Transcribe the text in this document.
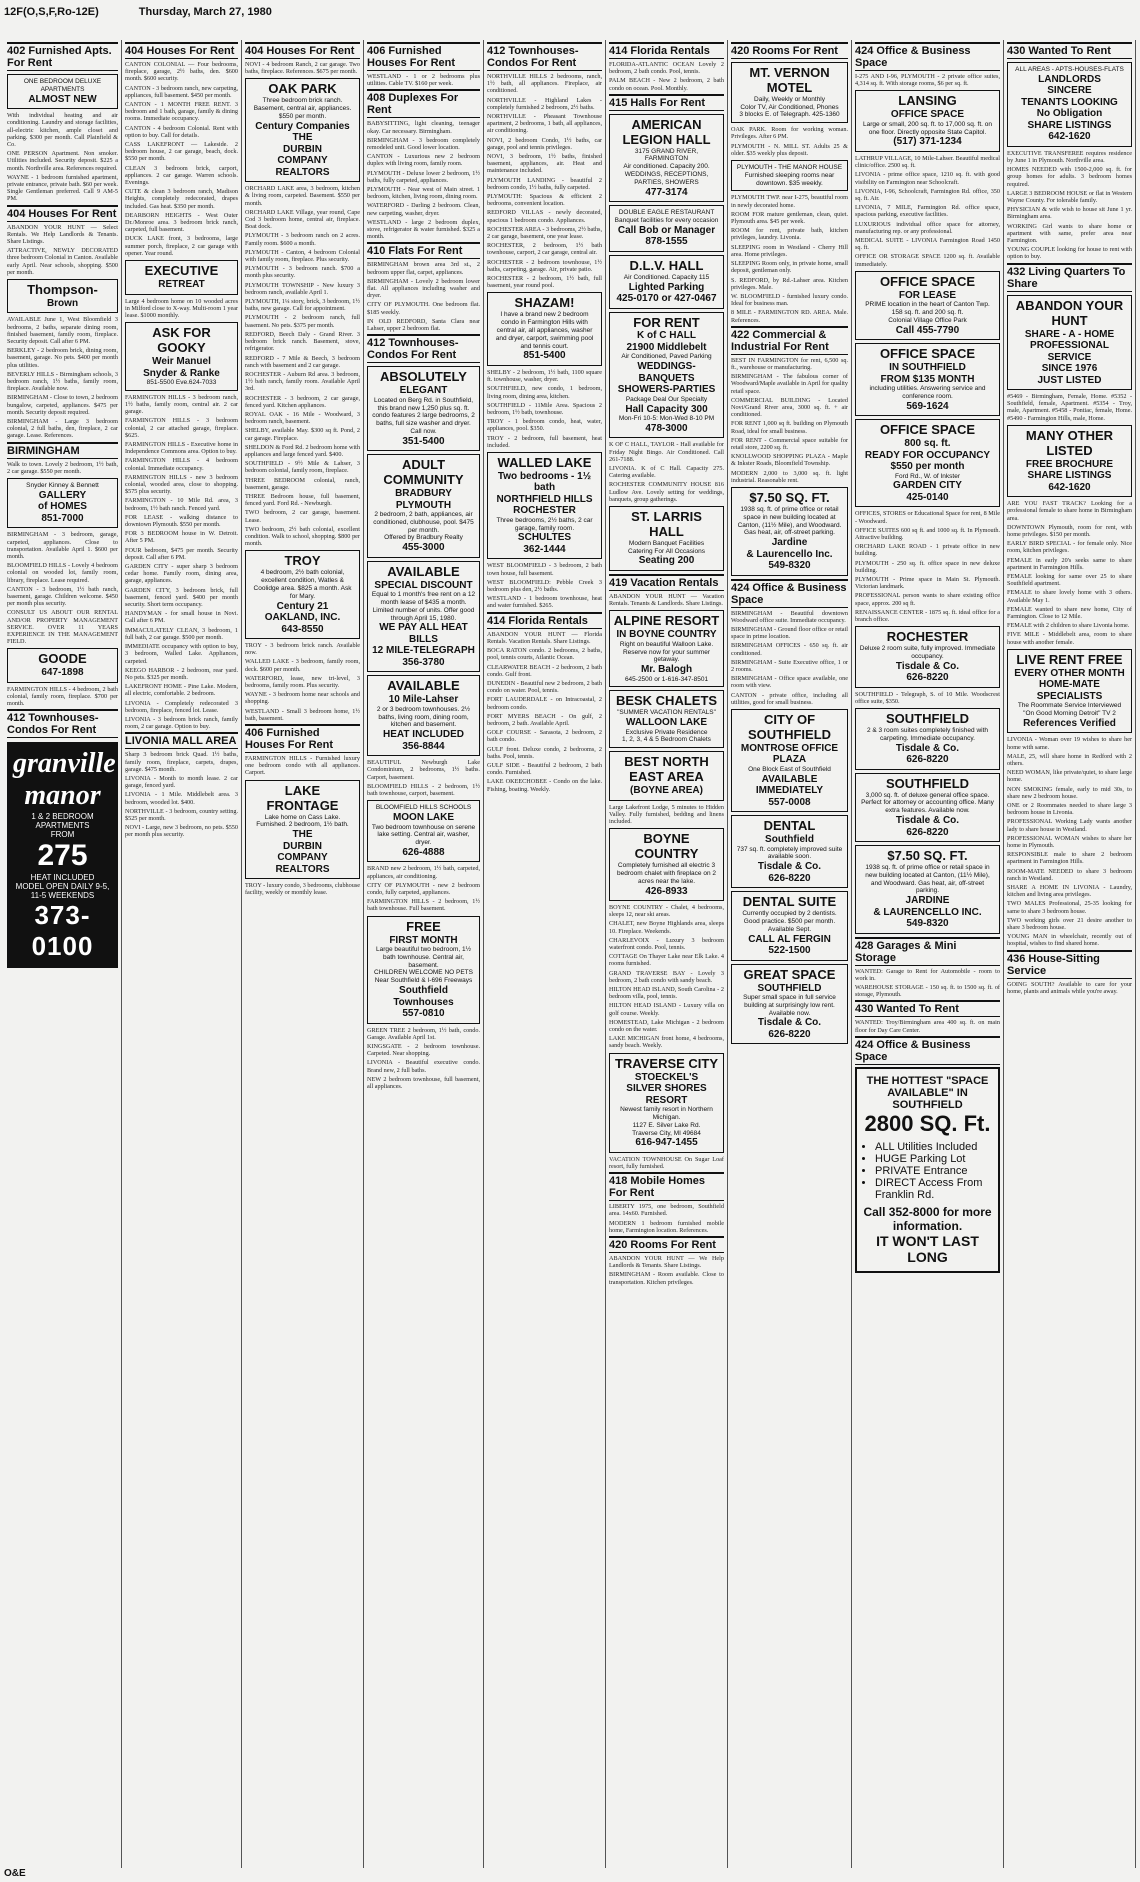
12F(O,S,F,Ro-12E)	Thursday, March 27, 1980
402 Furnished Apts. For Rent
ONE BEDROOM DELUXE APARTMENTS
ALMOST NEW
With individual heating and air conditioning. Laundry and storage facilities, all-electric kitchen, ample closet and parking. $300 per month. Call Plainfield & Co.
ONE PERSON Apartment. Non smoker. Utilities included. Security deposit. $225 a month. Northville area. References required.
WAYNE - 1 bedroom furnished apartment, private entrance, private bath. $60 per week. Single Gentleman preferred. Call 9 AM-5 PM.
404 Houses For Rent
ABANDON YOUR HUNT — Select Rentals. We Help Landlords & Tenants. Share Listings.
ATTRACTIVE, NEWLY DECORATED three bedroom Colonial in Canton. Available early April. Near schools, shopping. $500 per month.
Thompson-
Brown
AVAILABLE June 1, West Bloomfield 3 bedrooms, 2 baths, separate dining room, finished basement, family room, fireplace. Security deposit. Call after 6 PM.
BERKLEY - 2 bedroom brick, dining room, basement, garage. No pets. $400 per month plus utilities.
BEVERLY HILLS - Birmingham schools, 3 bedroom ranch, 1½ baths, family room, fireplace. Available now.
BIRMINGHAM - Close to town, 2 bedroom bungalow, carpeted, appliances. $475 per month. Security deposit required.
BIRMINGHAM - Large 3 bedroom colonial, 2 full baths, den, fireplace, 2 car garage. Lease. References.
BIRMINGHAM
Walk to town. Lovely 2 bedroom, 1½ bath, 2 car garage. $550 per month.
Snyder Kinney & Bennett
GALLERY
of HOMES
851-7000
BIRMINGHAM - 3 bedroom, garage, carpeted, appliances. Close to transportation. Available April 1. $600 per month.
BLOOMFIELD HILLS - Lovely 4 bedroom colonial on wooded lot, family room, library, fireplace. Lease required.
CANTON - 3 bedroom, 1½ bath ranch, basement, garage. Children welcome. $450 per month plus security.
CONSULT US ABOUT OUR RENTAL AND/OR PROPERTY MANAGEMENT SERVICE. OVER 11 YEARS EXPERIENCE IN THE MANAGEMENT FIELD.
GOODE
647-1898
FARMINGTON HILLS - 4 bedroom, 2 bath colonial, family room, fireplace. $700 per month.
412 Townhouses-Condos For Rent
granville manor
1 & 2 BEDROOM APARTMENTS
FROM
275
HEAT INCLUDED
MODEL OPEN DAILY 9-5, 11-5 WEEKENDS
373-0100
404 Houses For Rent
CANTON COLONIAL — Four bedrooms, fireplace, garage, 2½ baths, den. $600 month. $600 security.
CANTON - 3 bedroom ranch, new carpeting, appliances, full basement. $450 per month.
CANTON - 1 MONTH FREE RENT. 3 bedroom and 1 bath, garage, family & dining rooms. Immediate occupancy.
CANTON - 4 bedroom Colonial. Rent with option to buy. Call for details.
CASS LAKEFRONT — Lakeside. 2 bedroom house, 2 car garage, beach, dock. $550 per month.
CLEAN 3 bedroom brick, carport, appliances. 2 car garage. Warren schools. Evenings.
CUTE & clean 3 bedroom ranch, Madison Heights, completely redecorated, drapes included. Gas heat. $350 per month.
DEARBORN HEIGHTS - West Outer Dr./Monroe area. 3 bedroom brick ranch, carpeted, full basement.
DUCK LAKE front, 3 bedrooms, large summer porch, fireplace, 2 car garage with opener. Year round.
EXECUTIVE
RETREAT
Large 4 bedroom home on 10 wooded acres in Milford close to X-way. Multi-room 1 year lease. $1000 monthly.
ASK FOR GOOKY
Weir Manuel
Snyder & Ranke
851-5500 Eve.624-7033
FARMINGTON HILLS - 3 bedroom ranch, 1½ baths, family room, central air. 2 car garage.
FARMINGTON HILLS - 3 bedroom colonial, 2 car attached garage, fireplace. $625.
FARMINGTON HILLS - Executive home in Independence Commons area. Option to buy.
FARMINGTON HILLS - 4 bedroom colonial. Immediate occupancy.
FARMINGTON HILLS - new 3 bedroom colonial, wooded area, close to shopping. $575 plus security.
FARMINGTON - 10 Mile Rd. area, 3 bedroom, 1½ bath ranch. Fenced yard.
FOR LEASE - walking distance to downtown Plymouth. $550 per month.
FOR 3 BEDROOM house in W. Detroit. After 5 PM.
FOUR bedroom, $475 per month. Security deposit. Call after 6 PM.
GARDEN CITY - super sharp 3 bedroom cedar home. Family room, dining area, garage, appliances.
GARDEN CITY, 3 bedroom brick, full basement, fenced yard. $400 per month security. Short term occupancy.
HANDYMAN - for small house in Novi. Call after 6 PM.
IMMACULATELY CLEAN, 3 bedroom, 1 full bath, 2 car garage. $500 per month.
IMMEDIATE occupancy with option to buy, 3 bedroom, Walled Lake. Appliances, carpeted.
KEEGO HARBOR - 2 bedroom, rear yard. No pets. $325 per month.
LAKEFRONT HOME - Pine Lake. Modern, all electric, comfortable. 2 bedroom.
LIVONIA - Completely redecorated 3 bedroom, fireplace, fenced lot. Lease.
LIVONIA - 3 bedroom brick ranch, family room, 2 car garage. Option to buy.
LIVONIA MALL AREA
Sharp 3 bedroom brick Quad. 1½ baths, family room, fireplace, carpets, drapes, garage. $475 month.
LIVONIA - Month to month lease. 2 car garage, fenced yard.
LIVONIA - 1 Mile. Middlebelt area. 3 bedroom, wooded lot. $400.
NORTHVILLE - 3 bedroom, country setting. $525 per month.
NOVI - Large, new 3 bedroom, no pets. $550 per month plus security.
404 Houses For Rent
NOVI - 4 bedroom Ranch, 2 car garage. Two baths, fireplace. References. $675 per month.
OAK PARK
Three bedroom brick ranch. Basement, central air, appliances. $550 per month.
Century Companies
THE
DURBIN
COMPANY REALTORS
ORCHARD LAKE area, 3 bedroom, kitchen & living room, carpeted. Basement. $550 per month.
ORCHARD LAKE Village, year round, Cape Cod 3 bedroom home, central air, fireplace. Boat dock.
PLYMOUTH - 3 bedroom ranch on 2 acres. Family room. $600 a month.
PLYMOUTH - Canton, 4 bedroom Colonial with family room, fireplace. Plus security.
PLYMOUTH - 3 bedroom ranch. $700 a month plus security.
PLYMOUTH TOWNSHIP - New luxury 3 bedroom ranch, available April 1.
PLYMOUTH, 1¼ story, brick, 3 bedroom, 1½ baths, new garage. Call for appointment.
PLYMOUTH - 2 bedroom ranch, full basement. No pets. $375 per month.
REDFORD, Beech Daly - Grand River. 3 bedroom brick ranch. Basement, stove, refrigerator.
REDFORD - 7 Mile & Beech, 3 bedroom ranch with basement and 2 car garage.
ROCHESTER - Auburn Rd area. 3 bedroom, 1½ bath ranch, family room. Available April 3rd.
ROCHESTER - 3 bedroom, 2 car garage, fenced yard. Kitchen appliances.
ROYAL OAK - 16 Mile - Woodward, 3 bedroom ranch, basement.
SHELBY, available May. $300 sq ft. Pond, 2 car garage. Fireplace.
SHELDON & Ford Rd. 2 bedroom home with appliances and large fenced yard. $400.
SOUTHFIELD - 9½ Mile & Lahser, 3 bedroom colonial, family room, fireplace.
THREE BEDROOM colonial, ranch, basement, garage.
THREE Bedroom house, full basement, fenced yard. Ford Rd. - Newburgh.
TWO bedroom, 2 car garage, basement. Lease.
TWO bedroom, 2½ bath colonial, excellent condition. Walk to school, shopping. $800 per month.
TROY
4 bedroom, 2½ bath colonial, excellent condition, Watles & Coolidge area. $825 a month. Ask for Mary.
Century 21
OAKLAND, INC.
643-8550
TROY - 3 bedroom brick ranch. Available now.
WALLED LAKE - 3 bedroom, family room, deck. $600 per month.
WATERFORD, lease, new tri-level, 3 bedrooms, family room. Plus security.
WAYNE - 3 bedroom home near schools and shopping.
WESTLAND - Small 3 bedroom home, 1½ bath, basement.
406 Furnished Houses For Rent
FARMINGTON HILLS - Furnished luxury one bedroom condo with all appliances. Carport.
LAKE FRONTAGE
Lake home on Cass Lake. Furnished. 2 bedroom, 1½ bath.
THE
DURBIN
COMPANY REALTORS
TROY - luxury condo, 3 bedrooms, clubhouse facility, weekly or monthly lease.
406 Furnished Houses For Rent
WESTLAND - 1 or 2 bedrooms plus utilities. Cable TV. $160 per week.
408 Duplexes For Rent
BABYSITTING, light cleaning, teenager okay. Car necessary. Birmingham.
BIRMINGHAM - 3 bedroom completely remodeled unit. Good lower location.
CANTON - Luxurious new 2 bedroom duplex with living room, family room.
PLYMOUTH - Deluxe lower 2 bedroom, 1½ baths, fully carpeted, appliances.
PLYMOUTH - Near west of Main street. 1 bedroom, kitchen, living room, dining room.
WATERFORD - Darling 2 bedroom. Clean, new carpeting, washer, dryer.
WESTLAND - large 2 bedroom duplex, stove, refrigerator & water furnished. $325 a month.
410 Flats For Rent
BIRMINGHAM brown area 3rd st., 2 bedroom upper flat, carpet, appliances.
BIRMINGHAM - Lovely 2 bedroom lower flat. All appliances including washer and dryer.
CITY OF PLYMOUTH. One bedroom flat. $185 weekly.
IN OLD REDFORD, Santa Clara near Lahser, upper 2 bedroom flat.
412 Townhouses-Condos For Rent
ABSOLUTELY
ELEGANT
Located on Berg Rd. in Southfield, this brand new 1,250 plus sq. ft. condo features 2 large bedrooms, 2 baths, full size washer and dryer. Call now.
351-5400
ADULT COMMUNITY
BRADBURY PLYMOUTH
2 bedroom, 2 bath, appliances, air conditioned, clubhouse, pool. $475 per month.
Offered by Bradbury Realty
455-3000
AVAILABLE
SPECIAL DISCOUNT
Equal to 1 month's free rent on a 12 month lease of $435 a month.
Limited number of units. Offer good through April 15, 1980.
WE PAY ALL HEAT BILLS
12 MILE-TELEGRAPH
356-3780
AVAILABLE
10 Mile-Lahser
2 or 3 bedroom townhouses. 2½ baths, living room, dining room, kitchen and basement.
HEAT INCLUDED
356-8844
BEAUTIFUL Newburgh Lake Condominium, 2 bedrooms, 1½ baths. Carport, basement.
BLOOMFIELD HILLS - 2 bedroom, 1½ bath townhouse, carport, basement.
BLOOMFIELD HILLS SCHOOLS
MOON LAKE
Two bedroom townhouse on serene lake setting. Central air, washer, dryer.
626-4888
BRAND new 2 bedroom, 1½ bath, carpeted, appliances, air conditioning.
CITY OF PLYMOUTH - new 2 bedroom condo, fully carpeted, appliances.
FARMINGTON HILLS - 2 bedroom, 1½ bath townhouse. Full basement.
FREE
FIRST MONTH
Large beautiful two bedroom, 1½ bath townhouse. Central air, basement.
CHILDREN WELCOME NO PETS
Near Southfield & I-696 Freeways
Southfield Townhouses
557-0810
GREEN TREE 2 bedroom, 1½ bath, condo. Garage. Available April 1st.
KINGSGATE - 2 bedroom townhouse. Carpeted. Near shopping.
LIVONIA - Beautiful executive condo. Brand new, 2 full baths.
NEW 2 bedroom townhouse, full basement, all appliances.
412 Townhouses-Condos For Rent
NORTHVILLE HILLS 2 bedrooms, ranch, 1½ bath, all appliances. Fireplace, air conditioned.
NORTHVILLE - Highland Lakes - completely furnished 2 bedroom, 2½ baths.
NORTHVILLE - Pheasant Townhouse apartment, 2 bedrooms, 1 bath, all appliances, air conditioning.
NOVI, 2 bedroom Condo, 1½ baths, car garage, pool and tennis privileges.
NOVI, 3 bedroom, 1½ baths, finished basement, appliances, air. Heat and maintenance included.
PLYMOUTH LANDING - beautiful 2 bedroom condo, 1½ baths, fully carpeted.
PLYMOUTH: Spacious & efficient 2 bedrooms, convenient location.
REDFORD VILLAS - newly decorated, spacious 1 bedroom condo. Appliances.
ROCHESTER AREA - 3 bedrooms, 2½ baths, 2 car garage, basement, one year lease.
ROCHESTER, 2 bedroom, 1½ bath townhouse, carport, 2 car garage, central air.
ROCHESTER - 2 bedroom townhouse, 1½ baths, carpeting, garage. Air, private patio.
ROCHESTER - 2 bedroom, 1½ bath, full basement, year round pool.
SHAZAM!
I have a brand new 2 bedroom condo in Farmington Hills with central air, all appliances, washer and dryer, carport, swimming pool and tennis court.
851-5400
SHELBY - 2 bedroom, 1½ bath, 1100 square ft. townhouse, washer, dryer.
SOUTHFIELD, new condo, 1 bedroom, living room, dining area, kitchen.
SOUTHFIELD - 11Mile Area. Spacious 2 bedroom, 1½ bath, townhouse.
TROY - 1 bedroom condo, heat, water, appliances, pool. $350.
TROY - 2 bedroom, full basement, heat included.
WALLED LAKE
Two bedrooms - 1½ bath
NORTHFIELD HILLS
ROCHESTER
Three bedrooms, 2½ baths, 2 car garage, family room.
SCHULTES
362-1444
WEST BLOOMFIELD - 3 bedroom, 2 bath town house, full basement.
WEST BLOOMFIELD: Pebble Creek 3 bedroom plus den, 2½ baths.
WESTLAND - 1 bedroom townhouse, heat and water furnished. $265.
414 Florida Rentals
ABANDON YOUR HUNT — Florida Rentals. Vacation Rentals. Share Listings.
BOCA RATON condo. 2 bedrooms, 2 baths, pool, tennis courts, Atlantic Ocean.
CLEARWATER BEACH - 2 bedroom, 2 bath condo. Gulf front.
DUNEDIN - Beautiful new 2 bedroom, 2 bath condo on water. Pool, tennis.
FORT LAUDERDALE - on Intracoastal, 2 bedroom condo.
FORT MYERS BEACH - On gulf, 2 bedroom, 2 bath. Available April.
GOLF COURSE - Sarasota, 2 bedroom, 2 bath condo.
GULF front. Deluxe condo, 2 bedrooms, 2 baths. Pool, tennis.
GULF SIDE - Beautiful 2 bedroom, 2 bath condo. Furnished.
LAKE OKEECHOBEE - Condo on the lake. Fishing, boating. Weekly.
414 Florida Rentals
FLORIDA-ATLANTIC OCEAN Lovely 2 bedroom, 2 bath condo. Pool, tennis.
PALM BEACH - New 2 bedroom, 2 bath condo on ocean. Pool. Monthly.
415 Halls For Rent
AMERICAN LEGION HALL
3175 GRAND RIVER, FARMINGTON
Air conditioned. Capacity 200. WEDDINGS, RECEPTIONS, PARTIES, SHOWERS
477-3174
DOUBLE EAGLE RESTAURANT
Banquet facilities for every occasion
Call Bob or Manager
878-1555
D.L.V. HALL
Air Conditioned. Capacity 115
Lighted Parking
425-0170 or 427-0467
FOR RENT
K of C HALL
21900 Middlebelt
Air Conditioned, Paved Parking
WEDDINGS-BANQUETS
SHOWERS-PARTIES
Package Deal Our Specialty
Hall Capacity 300
Mon-Fri 10-5: Mon-Wed 8-10 PM
478-3000
K OF C HALL, TAYLOR - Hall available for Friday Night Bingo. Air Conditioned. Call 261-7188.
LIVONIA. K of C Hall. Capacity 275. Catering available.
ROCHESTER COMMUNITY HOUSE 816 Ludlow Ave. Lovely setting for weddings, banquets, group gatherings.
ST. LARRIS HALL
Modern Banquet Facilities
Catering For All Occasions
Seating 200
419 Vacation Rentals
ABANDON YOUR HUNT — Vacation Rentals. Tenants & Landlords. Share Listings.
ALPINE RESORT
IN BOYNE COUNTRY
Right on beautiful Walloon Lake. Reserve now for your summer getaway.
Mr. Balogh
645-2500 or 1-616-347-8501
BESK CHALETS
"SUMMER VACATION RENTALS"
WALLOON LAKE
Exclusive Private Residence
1, 2, 3, 4 & 5 Bedroom Chalets
BEST NORTH EAST AREA
(BOYNE AREA)
Large Lakefront Lodge, 5 minutes to Hidden Valley. Fully furnished, bedding and linens included.
BOYNE COUNTRY
Completely furnished all electric 3 bedroom chalet with fireplace on 2 acres near the lake.
426-8933
BOYNE COUNTRY - Chalet, 4 bedrooms, sleeps 12, near ski areas.
CHALET, new Boyne Highlands area, sleeps 10. Fireplace. Weekends.
CHARLEVOIX - Luxury 3 bedroom waterfront condo. Pool, tennis.
COTTAGE On Thayer Lake near Elk Lake. 4 rooms furnished.
GRAND TRAVERSE BAY - Lovely 3 bedroom, 2 bath condo with sandy beach.
HILTON HEAD ISLAND, South Carolina - 2 bedroom villa, pool, tennis.
HILTON HEAD ISLAND - Luxury villa on golf course. Weekly.
HOMESTEAD, Lake Michigan - 2 bedroom condo on the water.
LAKE MICHIGAN front home, 4 bedrooms, sandy beach. Weekly.
TRAVERSE CITY
STOECKEL'S
SILVER SHORES RESORT
Newest family resort in Northern Michigan.
1127 E. Silver Lake Rd.
Traverse City, MI 49684
616-947-1455
VACATION TOWNHOUSE On Sugar Loaf resort, fully furnished.
418 Mobile Homes For Rent
LIBERTY 1975, one bedroom, Southfield area. 14x60. Furnished.
MODERN 1 bedroom furnished mobile home, Farmington location. References.
420 Rooms For Rent
ABANDON YOUR HUNT — We Help Landlords & Tenants. Share Listings.
BIRMINGHAM - Room available. Close to transportation. Kitchen privileges.
420 Rooms For Rent
MT. VERNON MOTEL
Daily, Weekly or Monthly
Color TV, Air Conditioned, Phones
3 blocks E. of Telegraph. 425-1360
OAK PARK. Room for working woman. Privileges. After 6 PM.
PLYMOUTH - N. MILL ST. Adults 25 & older. $35 weekly plus deposit.
PLYMOUTH - THE MANOR HOUSE
Furnished sleeping rooms near downtown. $35 weekly.
PLYMOUTH TWP. near I-275, beautiful room in newly decorated home.
ROOM FOR mature gentleman, clean, quiet. Plymouth area. $45 per week.
ROOM for rent, private bath, kitchen privileges, laundry. Livonia.
SLEEPING room in Westland - Cherry Hill area. Home privileges.
SLEEPING Room only, in private home, small deposit, gentleman only.
S. REDFORD, by Rd.-Lahser area. Kitchen privileges. Male.
W. BLOOMFIELD - furnished luxury condo. Ideal for business man.
8 MILE - FARMINGTON RD. AREA. Male. References.
422 Commercial & Industrial For Rent
BEST IN FARMINGTON for rent, 6,500 sq. ft., warehouse or manufacturing.
BIRMINGHAM - The fabulous corner of Woodward/Maple available in April for quality retail space.
COMMERCIAL BUILDING - Located Novi/Grand River area, 3000 sq. ft. + air conditioned.
FOR RENT 1,000 sq ft. building on Plymouth Road, ideal for small business.
FOR RENT - Commercial space suitable for retail store, 2200 sq. ft.
KNOLLWOOD SHOPPING PLAZA - Maple & Inkster Roads, Bloomfield Township.
MODERN 2,000 to 3,000 sq. ft. light industrial. Reasonable rent.
$7.50 SQ. FT.
1938 sq. ft. of prime office or retail space in new building located at Canton, (11½ Mile), and Woodward. Gas heat, air, off-street parking.
Jardine
& Laurencello Inc.
549-8320
424 Office & Business Space
BIRMINGHAM - Beautiful downtown Woodward office suite. Immediate occupancy.
BIRMINGHAM - Ground floor office or retail space in prime location.
BIRMINGHAM OFFICES - 650 sq. ft. air conditioned.
BIRMINGHAM - Suite Executive office, 1 or 2 rooms.
BIRMINGHAM - Office space available, one room with view.
CANTON - private office, including all utilities, good for small business.
CITY OF SOUTHFIELD
MONTROSE OFFICE PLAZA
One Block East of Southfield
AVAILABLE IMMEDIATELY
557-0008
DENTAL
Southfield
737 sq. ft. completely improved suite available soon.
Tisdale & Co.
626-8220
DENTAL SUITE
Currently occupied by 2 dentists. Good practice. $500 per month. Available Sept.
CALL AL FERGIN
522-1500
GREAT SPACE
SOUTHFIELD
Super small space in full service building at surprisingly low rent. Available now.
Tisdale & Co.
626-8220
424 Office & Business Space
I-275 AND I-96, PLYMOUTH - 2 private office suites, 4,314 sq. ft. With storage rooms, $6 per sq. ft.
LANSING
OFFICE SPACE
Large or small, 200 sq. ft. to 17,000 sq. ft. on one floor. Directly opposite State Capitol.
(517) 371-1234
LATHRUP VILLAGE, 10 Mile-Lahser. Beautiful medical clinic/office. 2500 sq. ft.
LIVONIA - prime office space, 1210 sq. ft. with good visibility on Farmington near Schoolcraft.
LIVONIA, I-96, Schoolcraft, Farmington Rd. office, 350 sq. ft. Air.
LIVONIA, 7 MILE, Farmington Rd. office space, spacious parking, executive facilities.
LUXURIOUS individual office space for attorney, manufacturing rep. or any professional.
MEDICAL SUITE - LIVONIA Farmington Road 1450 sq. ft.
OFFICE OR STORAGE SPACE 1200 sq. ft. Available immediately.
OFFICE SPACE
FOR LEASE
PRIME location in the heart of Canton Twp. 158 sq. ft. and 200 sq. ft.
Colonial Village Office Park
Call 455-7790
OFFICE SPACE
IN SOUTHFIELD
FROM $135 MONTH
including utilities. Answering service and conference room.
569-1624
OFFICE SPACE
800 sq. ft.
READY FOR OCCUPANCY
$550 per month
Ford Rd., W. of Inkster
GARDEN CITY
425-0140
OFFICES, STORES or Educational Space for rent, 8 Mile - Woodward.
OFFICE SUITES 600 sq ft. and 1000 sq. ft. In Plymouth. Attractive building.
ORCHARD LAKE ROAD - 1 private office in new building.
PLYMOUTH - 250 sq. ft. office space in new deluxe building.
PLYMOUTH - Prime space in Main St. Plymouth. Victorian landmark.
PROFESSIONAL person wants to share existing office space, approx. 200 sq ft.
RENAISSANCE CENTER - 1875 sq. ft. ideal office for a branch office.
ROCHESTER
Deluxe 2 room suite, fully improved. Immediate occupancy.
Tisdale & Co.
626-8220
SOUTHFIELD - Telegraph, S. of 10 Mile. Woodscrest office suite, $350.
SOUTHFIELD
2 & 3 room suites completely finished with carpeting. Immediate occupancy.
Tisdale & Co.
626-8220
SOUTHFIELD
3,000 sq. ft. of deluxe general office space. Perfect for attorney or accounting office. Many extra features. Available now.
Tisdale & Co.
626-8220
$7.50 SQ. FT.
1938 sq. ft. of prime office or retail space in new building located at Canton, (11½ Mile), and Woodward. Gas heat, air, off-street parking.
JARDINE
& LAURENCELLO INC.
549-8320
428 Garages & Mini Storage
WANTED: Garage to Rent for Automobile - room to work in.
WAREHOUSE STORAGE - 150 sq. ft. to 1500 sq. ft. of storage, Plymouth.
430 Wanted To Rent
WANTED: Troy/Birmingham area 400 sq. ft. on main floor for Day Care Center.
424 Office & Business Space
THE HOTTEST "SPACE AVAILABLE" IN SOUTHFIELD
2800 SQ. Ft.
• ALL Utilities Included
• HUGE Parking Lot
• PRIVATE Entrance
• DIRECT Access From Franklin Rd.
Call 352-8000 for more information.
IT WON'T LAST LONG
430 Wanted To Rent
ALL AREAS - APTS-HOUSES-FLATS
LANDLORDS
SINCERE
TENANTS LOOKING
No Obligation
SHARE LISTINGS
642-1620
EXECUTIVE TRANSFEREE requires residence by June 1 in Plymouth. Northville area.
HOMES NEEDED with 1500-2,000 sq. ft. for group homes for adults. 3 bedroom homes required.
LARGE 3 BEDROOM HOUSE or flat in Western Wayne County. For tolerable family.
PHYSICIAN & wife wish to house sit June 1 yr. Birmingham area.
WORKING Girl wants to share home or apartment with same, prefer area near Farmington.
YOUNG COUPLE looking for house to rent with option to buy.
432 Living Quarters To Share
ABANDON YOUR HUNT
SHARE - A - HOME
PROFESSIONAL SERVICE
SINCE 1976
JUST LISTED
#5469 - Birmingham, Female, Home. #5352 - Southfield, female, Apartment. #5354 - Troy, male, Apartment. #5458 - Pontiac, female, Home. #5490 - Farmington Hills, male, Home.
MANY OTHER LISTED
FREE BROCHURE
SHARE LISTINGS
642-1620
ARE YOU FAST TRACK? Looking for a professional female to share home in Birmingham area.
DOWNTOWN Plymouth, room for rent, with home privileges. $150 per month.
EARLY BIRD SPECIAL - for female only. Nice room, kitchen privileges.
FEMALE in early 20's seeks same to share apartment in Farmington Hills.
FEMALE looking for same over 25 to share Southfield apartment.
FEMALE to share lovely home with 3 others. Available May 1.
FEMALE wanted to share new home, City of Farmington. Close to 12 Mile.
FEMALE with 2 children to share Livonia home.
FIVE MILE - Middlebelt area, room to share house with another female.
LIVE RENT FREE
EVERY OTHER MONTH
HOME-MATE
SPECIALISTS
The Roommate Service Interviewed
"On Good Morning Detroit" TV 2
References Verified
LIVONIA - Woman over 19 wishes to share her home with same.
MALE, 25, will share home in Redford with 2 others.
NEED WOMAN, like private/quiet, to share large home.
NON SMOKING female, early to mid 30s, to share new 2 bedroom house.
ONE or 2 Roommates needed to share large 3 bedroom house in Livonia.
PROFESSIONAL Working Lady wants another lady to share house in Westland.
PROFESSIONAL WOMAN wishes to share her home in Plymouth.
RESPONSIBLE male to share 2 bedroom apartment in Farmington Hills.
ROOM-MATE NEEDED to share 3 bedroom ranch in Westland.
SHARE A HOME IN LIVONIA - Laundry, kitchen and living area privileges.
TWO MALES Professional, 25-35 looking for same to share 3 bedroom house.
TWO working girls over 21 desire another to share 3 bedroom house.
YOUNG MAN in wheelchair, recently out of hospital, wishes to find shared home.
436 House-Sitting Service
GOING SOUTH? Available to care for your home, plants and animals while you're away.
O&E
